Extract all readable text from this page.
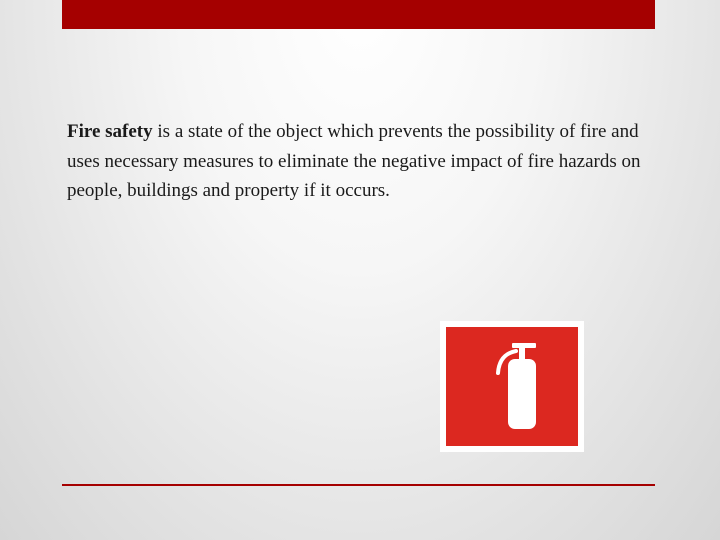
Fire safety is a state of the object which prevents the possibility of fire and uses necessary measures to eliminate the negative impact of fire hazards on people, buildings and property if it occurs.
